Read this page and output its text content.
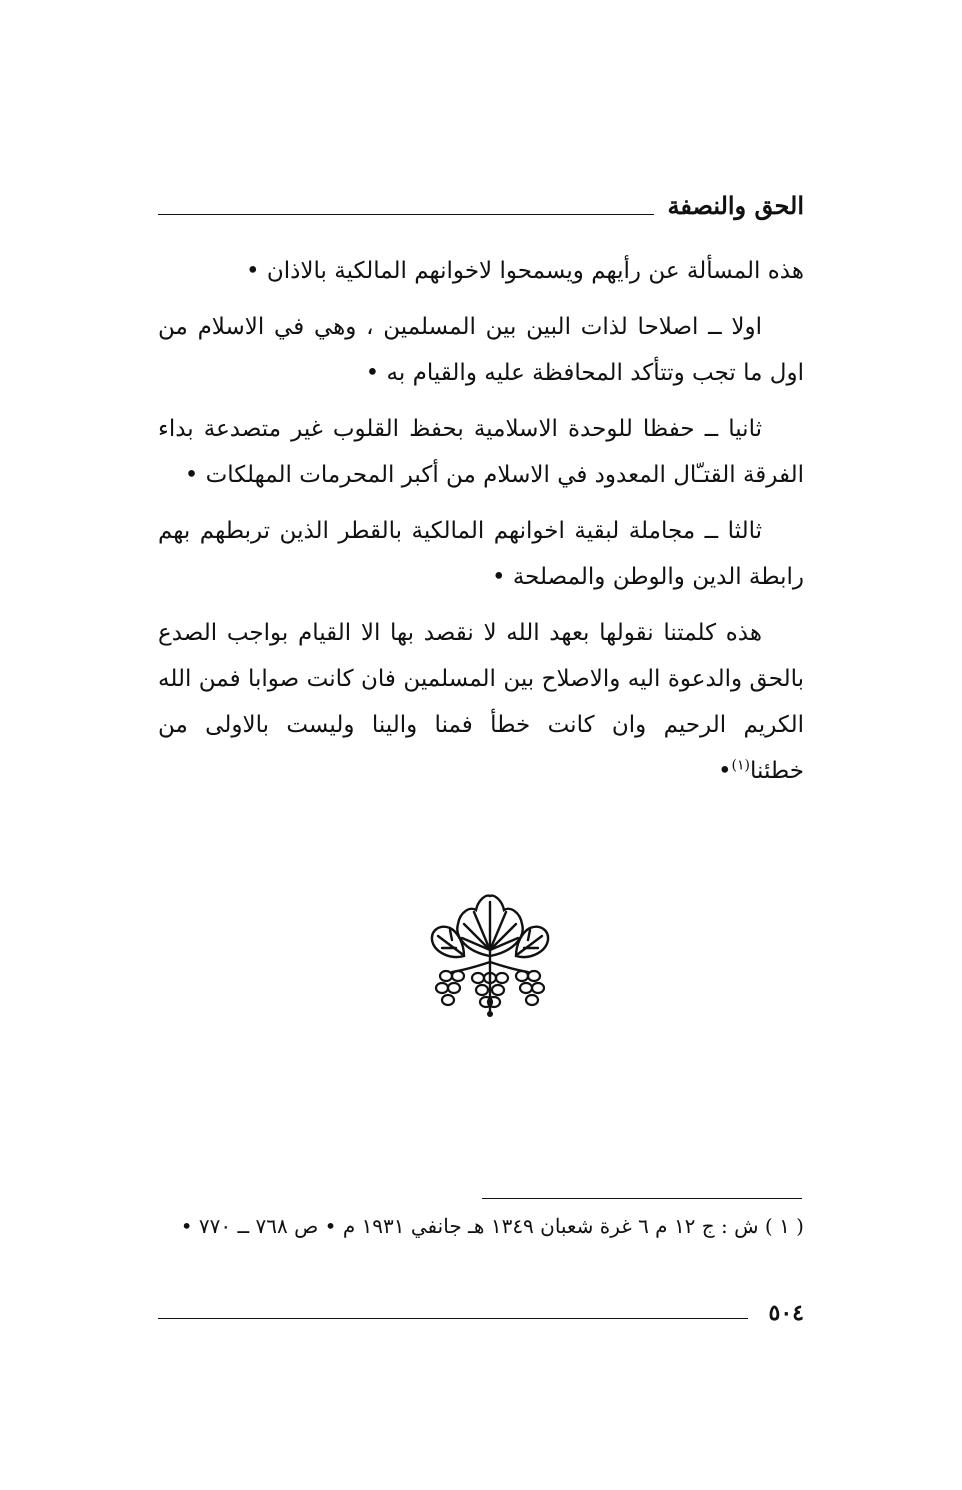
الحق والنصفة

هذه المسألة عن رأيهم ويسمحوا لاخوانهم المالكية بالاذان •

اولا ــ اصلاحا لذات البين بين المسلمين ، وهي في الاسلام من اول ما تجب وتتأكد المحافظة عليه والقيام به •

ثانيا ــ حفظا للوحدة الاسلامية بحفظ القلوب غير متصدعة بداء الفرقة القتـّال المعدود في الاسلام من أكبر المحرمات المهلكات •

ثالثا ــ مجاملة لبقية اخوانهم المالكية بالقطر الذين تربطهم بهم رابطة الدين والوطن والمصلحة •

هذه كلمتنا نقولها بعهد الله لا نقصد بها الا القيام بواجب الصدع بالحق والدعوة اليه والاصلاح بين المسلمين فان كانت صوابا فمن الله الكريم الرحيم وان كانت خطأ فمنا والينا وليست بالاولى من خطئنا$^{(١)}$•

( ١ ) ش : ج ١٢ م ٦ غرة شعبان ١٣٤٩ هـ جانفي ١٩٣١ م • ص ٧٦٨ ــ ٧٧٠ •

٥٠٤
